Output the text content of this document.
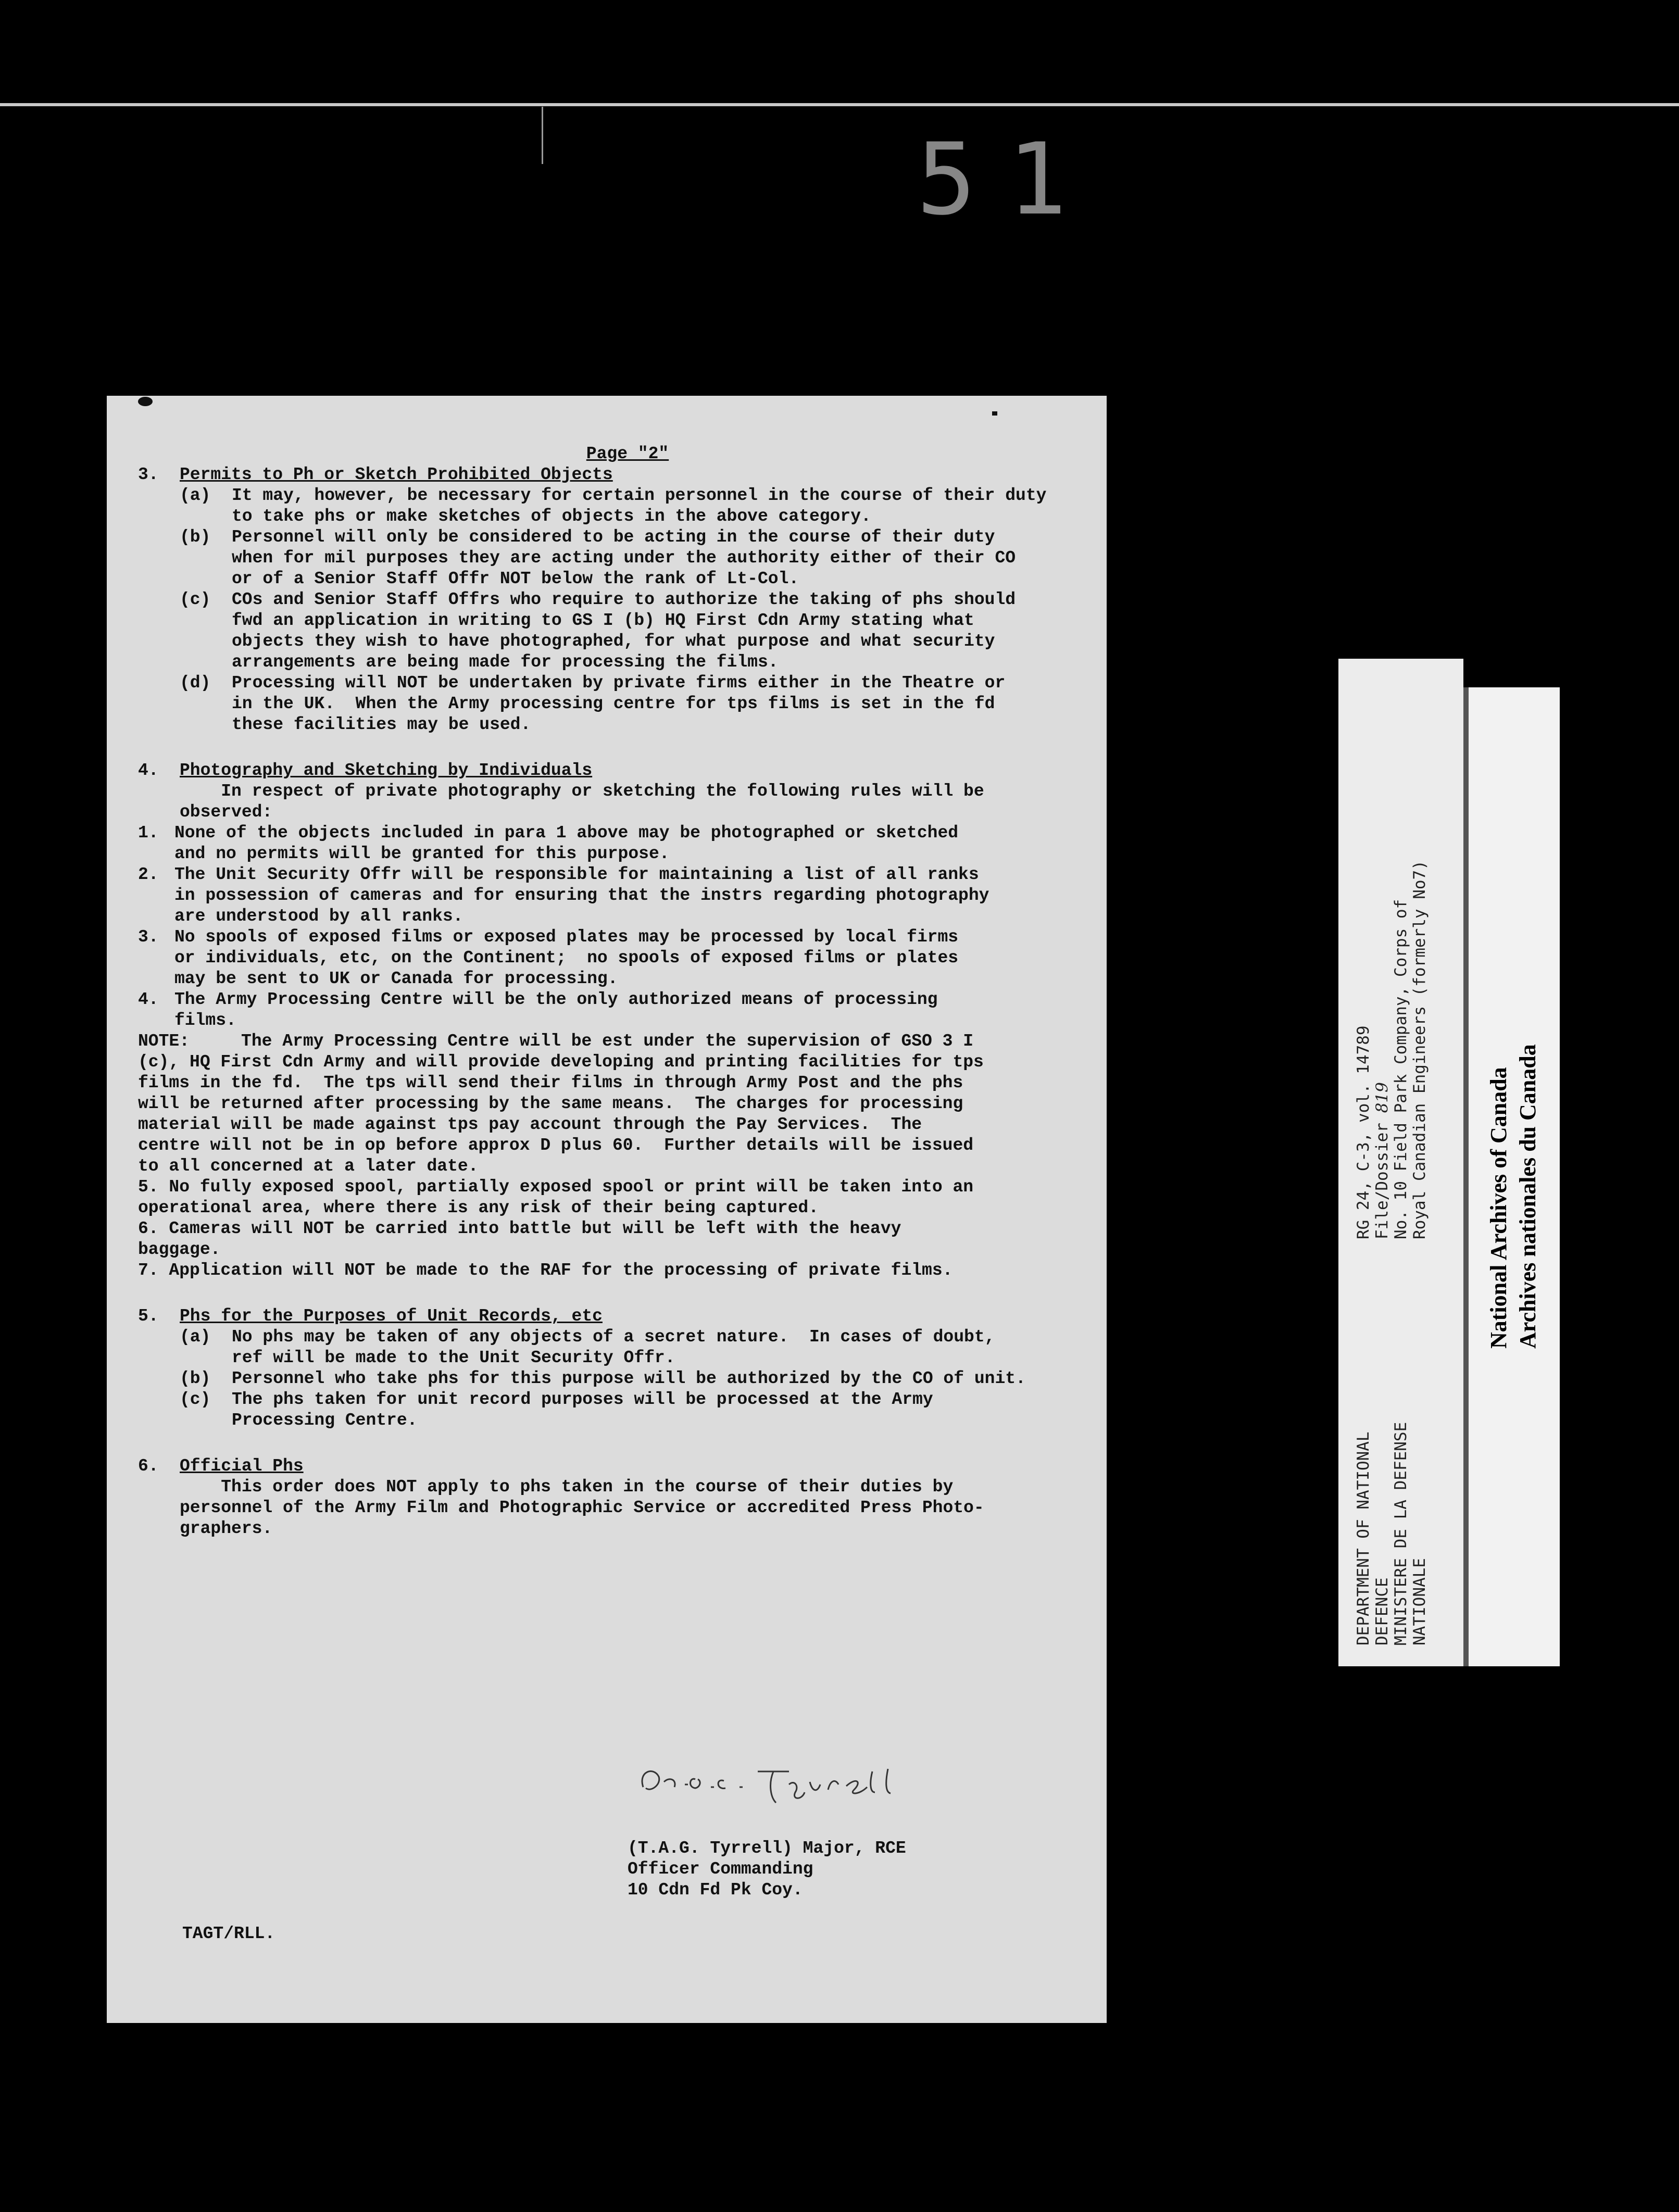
51
Page "2"
3.	Permits to Ph or Sketch Prohibited Objects
(a)	It may, however, be necessary for certain personnel in the course of their duty
to take phs or make sketches of objects in the above category.
(b)	Personnel will only be considered to be acting in the course of their duty
when for mil purposes they are acting under the authority either of their CO
or of a Senior Staff Offr NOT below the rank of Lt-Col.
(c)	COs and Senior Staff Offrs who require to authorize the taking of phs should
fwd an application in writing to GS I (b) HQ First Cdn Army stating what
objects they wish to have photographed, for what purpose and what security
arrangements are being made for processing the films.
(d)	Processing will NOT be undertaken by private firms either in the Theatre or
in the UK.  When the Army processing centre for tps films is set in the fd
these facilities may be used.
4.	Photography and Sketching by Individuals
In respect of private photography or sketching the following rules will be
observed:
1. None of the objects included in para 1 above may be photographed or sketched
and no permits will be granted for this purpose.
2. The Unit Security Offr will be responsible for maintaining a list of all ranks
in possession of cameras and for ensuring that the instrs regarding photography
are understood by all ranks.
3. No spools of exposed films or exposed plates may be processed by local firms
or individuals, etc, on the Continent;  no spools of exposed films or plates
may be sent to UK or Canada for processing.
4. The Army Processing Centre will be the only authorized means of processing
films.
NOTE:     The Army Processing Centre will be est under the supervision of GSO 3 I
(c), HQ First Cdn Army and will provide developing and printing facilities for tps
films in the fd.  The tps will send their films in through Army Post and the phs
will be returned after processing by the same means.  The charges for processing
material will be made against tps pay account through the Pay Services.  The
centre will not be in op before approx D plus 60.  Further details will be issued
to all concerned at a later date.
5. No fully exposed spool, partially exposed spool or print will be taken into an
operational area, where there is any risk of their being captured.
6. Cameras will NOT be carried into battle but will be left with the heavy
baggage.
7. Application will NOT be made to the RAF for the processing of private films.
5.	Phs for the Purposes of Unit Records, etc
(a)	No phs may be taken of any objects of a secret nature.  In cases of doubt,
ref will be made to the Unit Security Offr.
(b)	Personnel who take phs for this purpose will be authorized by the CO of unit.
(c)	The phs taken for unit record purposes will be processed at the Army
Processing Centre.
6.	Official Phs
This order does NOT apply to phs taken in the course of their duties by
personnel of the Army Film and Photographic Service or accredited Press Photo-
graphers.
(T.A.G. Tyrrell) Major, RCE
Officer Commanding
10 Cdn Fd Pk Coy.
TAGT/RLL.
DEPARTMENT OF NATIONAL
DEFENCE
MINISTERE DE LA DEFENSE
NATIONALE
RG 24, C-3, vol. 14789
File/Dossier 819
No. 10 Field Park Company, Corps of
Royal Canadian Engineers (formerly No7) National Archives of Canada Archives nationales du Canada
